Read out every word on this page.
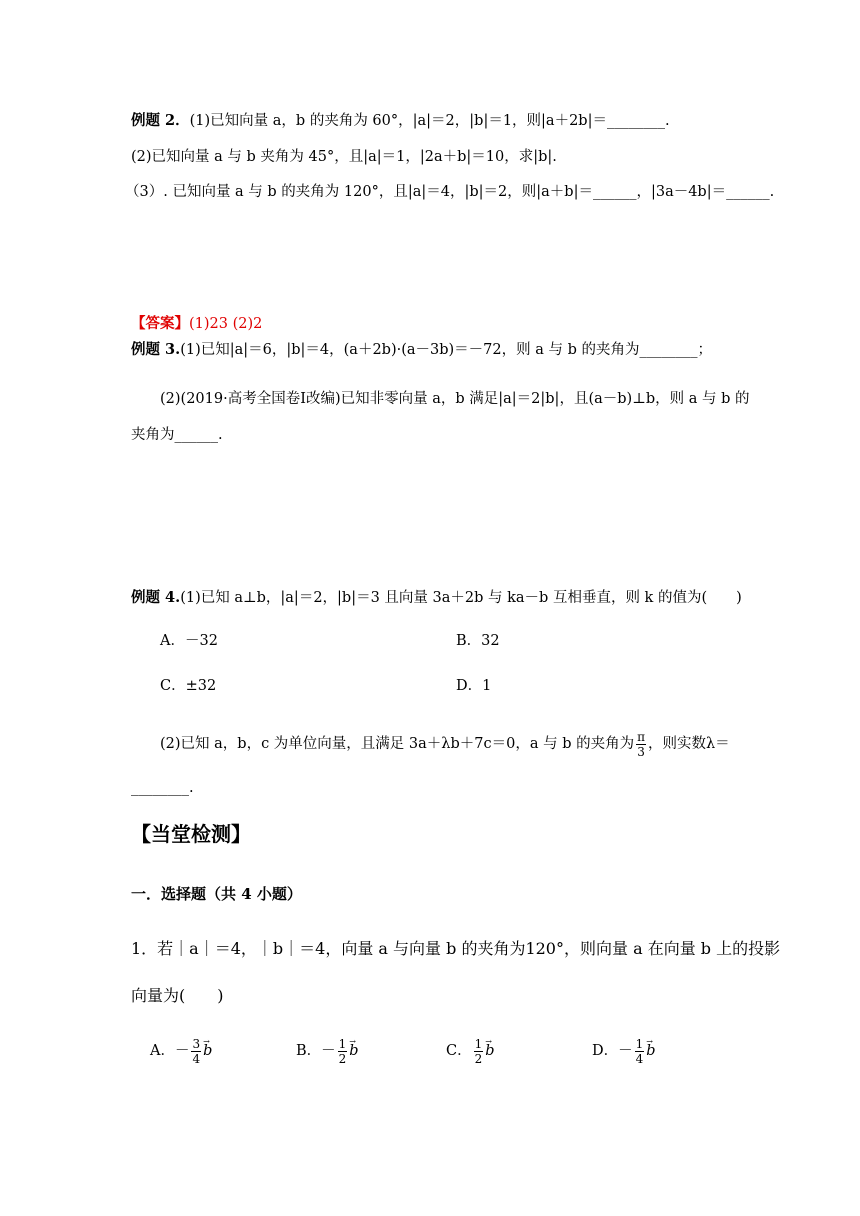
例题 2．(1)已知向量 a，b 的夹角为 60°，|a|＝2，|b|＝1，则|a＋2b|＝________.
(2)已知向量 a 与 b 夹角为 45°，且|a|＝1，|2a＋b|＝10，求|b|.
（3）. 已知向量 a 与 b 的夹角为 120°，且|a|＝4，|b|＝2，则|a＋b|＝______，|3a－4b|＝______.
【答案】(1)23 (2)2
例题 3.(1)已知|a|＝6，|b|＝4，(a＋2b)·(a－3b)＝－72，则 a 与 b 的夹角为________；
(2)(2019·高考全国卷Ⅰ改编)已知非零向量 a，b 满足|a|＝2|b|，且(a－b)⊥b，则 a 与 b 的
夹角为______.
例题 4.(1)已知 a⊥b，|a|＝2，|b|＝3 且向量 3a＋2b 与 ka－b 互相垂直，则 k 的值为(　　)
A．－32	B．32
C．±32	D．1
(2)已知 a，b，c 为单位向量，且满足 3a＋λb＋7c＝0，a 与 b 的夹角为 $\frac{\pi}{3}$ ，则实数λ＝
________.
【当堂检测】
一．选择题（共 4 小题）
1．若｜a｜＝4，｜b｜＝4，向量 a 与向量 b 的夹角为120°，则向量 a 在向量 b 上的投影
向量为(　　)
A．－ $\frac{3}{4}$ b →	B．－ $\frac{1}{2}$ b →	C． $\frac{1}{2}$ b →	D．－ $\frac{1}{4}$ b →
